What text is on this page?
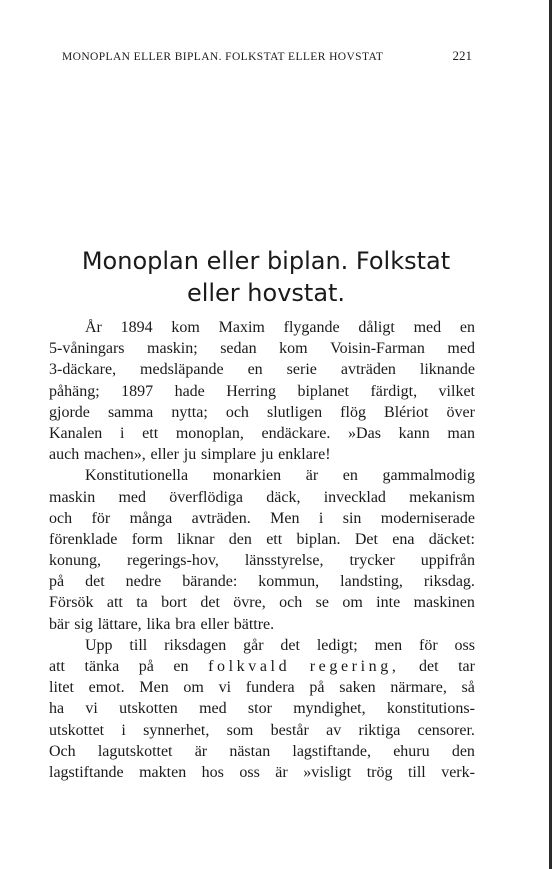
MONOPLAN ELLER BIPLAN. FOLKSTAT ELLER HOVSTAT	221
Monoplan eller biplan. Folkstat
eller hovstat.
År 1894 kom Maxim flygande dåligt med en
5-våningars maskin; sedan kom Voisin-Farman med
3-däckare, medsläpande en serie avträden liknande
påhäng; 1897 hade Herring biplanet färdigt, vilket
gjorde samma nytta; och slutligen flög Blériot över
Kanalen i ett monoplan, endäckare. »Das kann man
auch machen», eller ju simplare ju enklare!
Konstitutionella monarkien är en gammalmodig
maskin med överflödiga däck, invecklad mekanism
och för många avträden. Men i sin moderniserade
förenklade form liknar den ett biplan. Det ena däcket:
konung, regerings-hov, länsstyrelse, trycker uppifrån
på det nedre bärande: kommun, landsting, riksdag.
Försök att ta bort det övre, och se om inte maskinen
bär sig lättare, lika bra eller bättre.
Upp till riksdagen går det ledigt; men för oss
att tänka på en folkvald regering, det tar
litet emot. Men om vi fundera på saken närmare, så
ha vi utskotten med stor myndighet, konstitutions-
utskottet i synnerhet, som består av riktiga censorer.
Och lagutskottet är nästan lagstiftande, ehuru den
lagstiftande makten hos oss är »visligt trög till verk-
